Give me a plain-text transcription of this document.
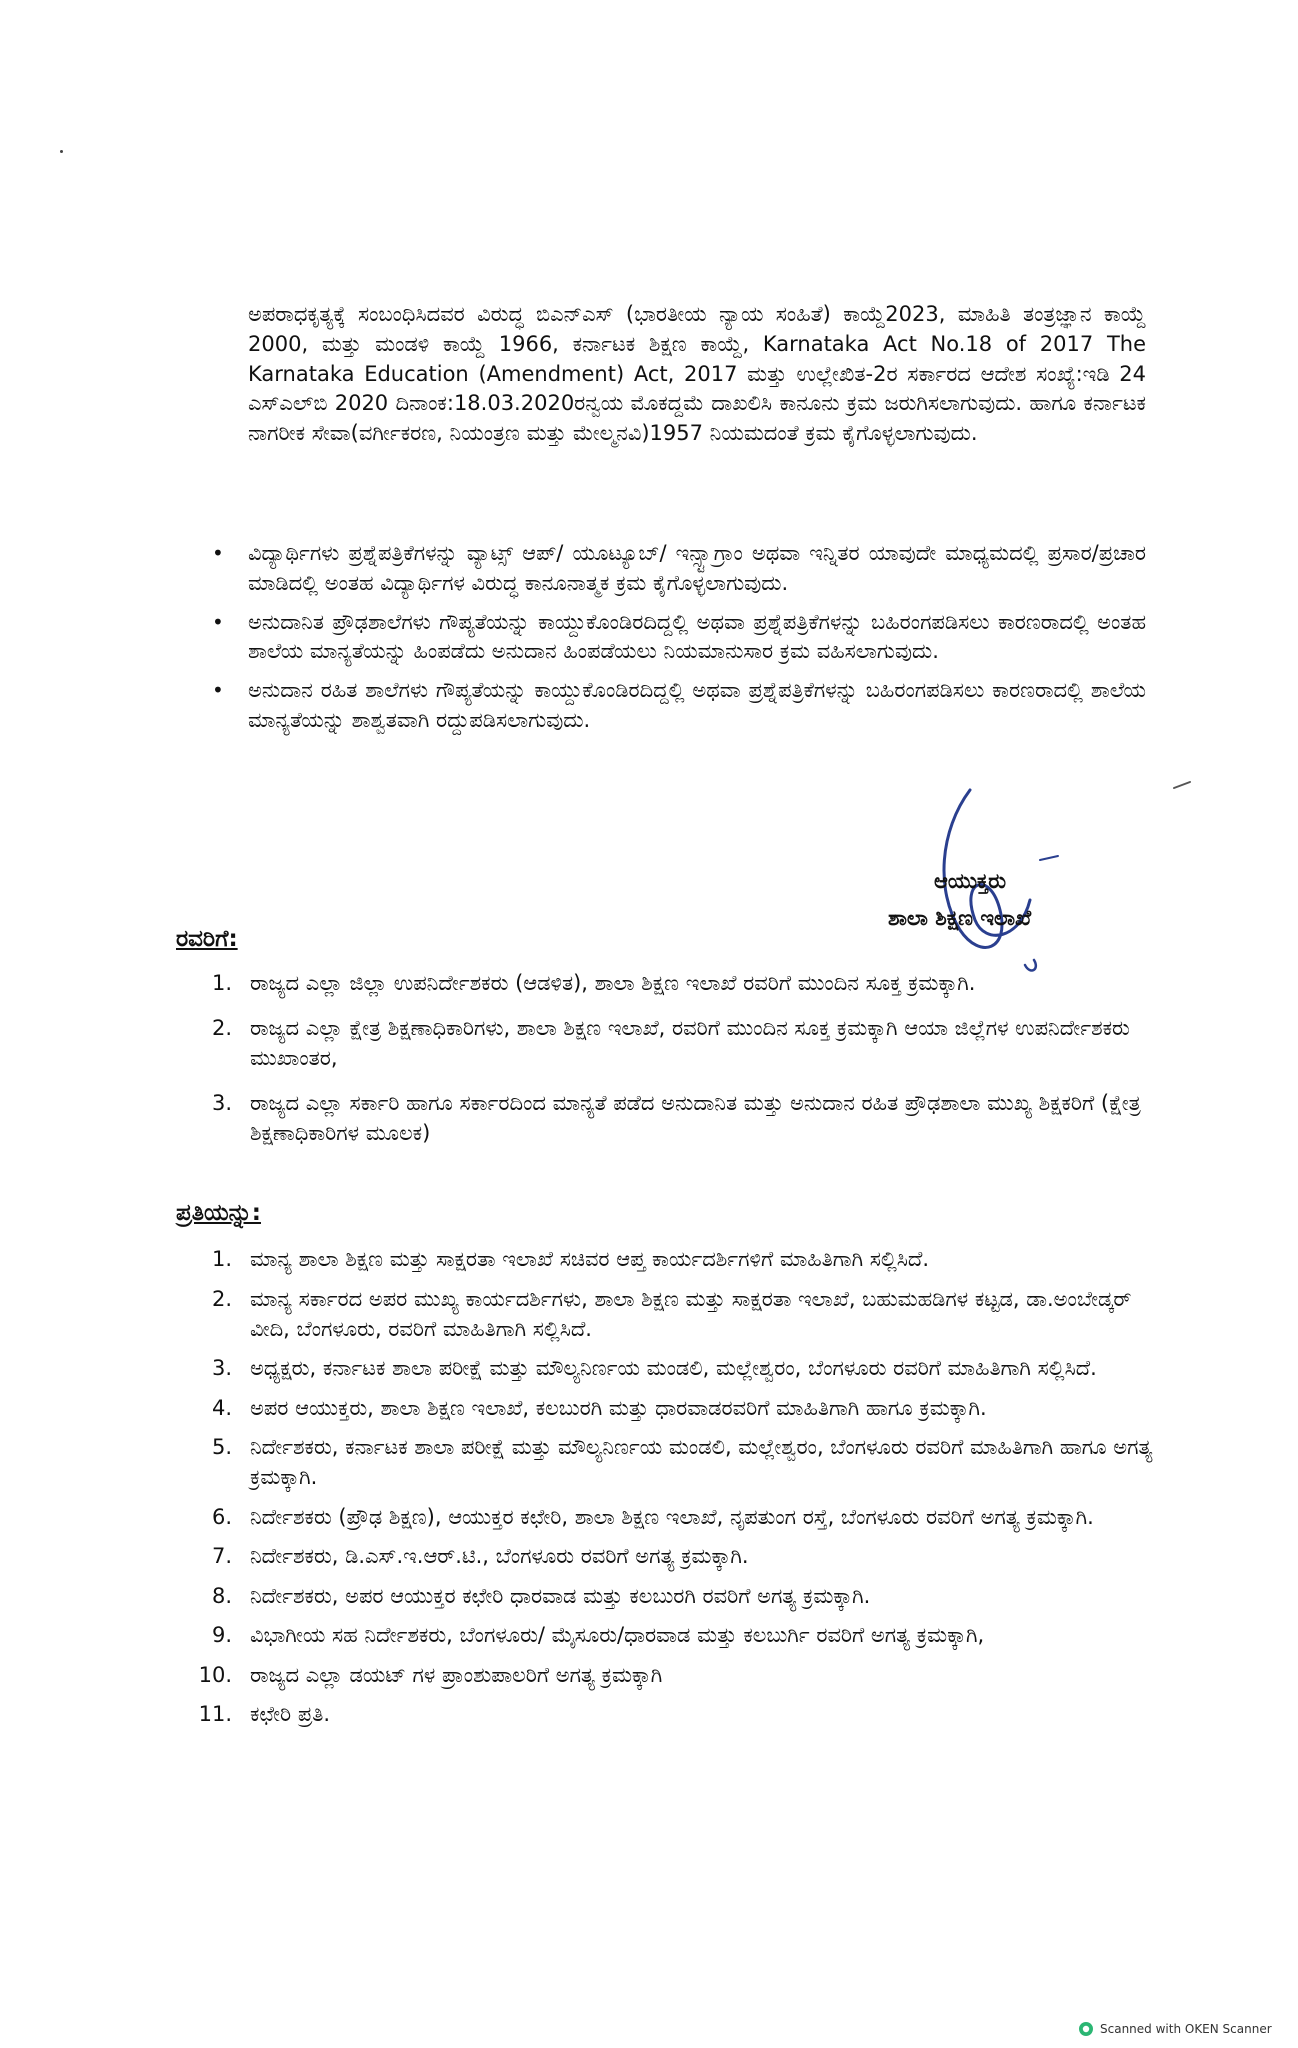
ಅಪರಾಧಕೃತ್ಯಕ್ಕೆ ಸಂಬಂಧಿಸಿದವರ ವಿರುದ್ಧ ಬಿಎನ್‌ಎಸ್ (ಭಾರತೀಯ ನ್ಯಾಯ ಸಂಹಿತೆ) ಕಾಯ್ದೆ2023, ಮಾಹಿತಿ ತಂತ್ರಜ್ಞಾನ ಕಾಯ್ದೆ 2000, ಮತ್ತು ಮಂಡಳಿ ಕಾಯ್ದೆ 1966, ಕರ್ನಾಟಕ ಶಿಕ್ಷಣ ಕಾಯ್ದೆ, Karnataka Act No.18 of 2017 The Karnataka Education (Amendment) Act, 2017 ಮತ್ತು ಉಲ್ಲೇಖಿತ-2ರ ಸರ್ಕಾರದ ಆದೇಶ ಸಂಖ್ಯೆ:ಇಡಿ 24 ಎಸ್‌ಎಲ್‌ಬಿ 2020 ದಿನಾಂಕ:18.03.2020ರನ್ವಯ ಮೊಕದ್ದಮೆ ದಾಖಲಿಸಿ ಕಾನೂನು ಕ್ರಮ ಜರುಗಿಸಲಾಗುವುದು. ಹಾಗೂ ಕರ್ನಾಟಕ ನಾಗರೀಕ ಸೇವಾ(ವರ್ಗೀಕರಣ, ನಿಯಂತ್ರಣ ಮತ್ತು ಮೇಲ್ಮನವಿ)1957 ನಿಯಮದಂತೆ ಕ್ರಮ ಕೈಗೊಳ್ಳಲಾಗುವುದು.

• ವಿದ್ಯಾರ್ಥಿಗಳು ಪ್ರಶ್ನೆಪತ್ರಿಕೆಗಳನ್ನು ವ್ಯಾಟ್ಸ್ ಆಪ್/ ಯೂಟ್ಯೂಬ್/ ಇನ್ಸ್ಟಾಗ್ರಾಂ ಅಥವಾ ಇನ್ನಿತರ ಯಾವುದೇ ಮಾಧ್ಯಮದಲ್ಲಿ ಪ್ರಸಾರ/ಪ್ರಚಾರ ಮಾಡಿದಲ್ಲಿ ಅಂತಹ ವಿದ್ಯಾರ್ಥಿಗಳ ವಿರುದ್ಧ ಕಾನೂನಾತ್ಮಕ ಕ್ರಮ ಕೈಗೊಳ್ಳಲಾಗುವುದು.
• ಅನುದಾನಿತ ಪ್ರೌಢಶಾಲೆಗಳು ಗೌಪ್ಯತೆಯನ್ನು ಕಾಯ್ದುಕೊಂಡಿರದಿದ್ದಲ್ಲಿ ಅಥವಾ ಪ್ರಶ್ನೆಪತ್ರಿಕೆಗಳನ್ನು ಬಹಿರಂಗಪಡಿಸಲು ಕಾರಣರಾದಲ್ಲಿ ಅಂತಹ ಶಾಲೆಯ ಮಾನ್ಯತೆಯನ್ನು ಹಿಂಪಡೆದು ಅನುದಾನ ಹಿಂಪಡೆಯಲು ನಿಯಮಾನುಸಾರ ಕ್ರಮ ವಹಿಸಲಾಗುವುದು.
• ಅನುದಾನ ರಹಿತ ಶಾಲೆಗಳು ಗೌಪ್ಯತೆಯನ್ನು ಕಾಯ್ದುಕೊಂಡಿರದಿದ್ದಲ್ಲಿ ಅಥವಾ ಪ್ರಶ್ನೆಪತ್ರಿಕೆಗಳನ್ನು ಬಹಿರಂಗಪಡಿಸಲು ಕಾರಣರಾದಲ್ಲಿ ಶಾಲೆಯ ಮಾನ್ಯತೆಯನ್ನು ಶಾಶ್ವತವಾಗಿ ರದ್ದುಪಡಿಸಲಾಗುವುದು.

ಆಯುಕ್ತರು

ಶಾಲಾ ಶಿಕ್ಷಣ ಇಲಾಖೆ

ರವರಿಗೆ:

1. ರಾಜ್ಯದ ಎಲ್ಲಾ ಜಿಲ್ಲಾ ಉಪನಿರ್ದೇಶಕರು (ಆಡಳಿತ), ಶಾಲಾ ಶಿಕ್ಷಣ ಇಲಾಖೆ ರವರಿಗೆ ಮುಂದಿನ ಸೂಕ್ತ ಕ್ರಮಕ್ಕಾಗಿ.
2. ರಾಜ್ಯದ ಎಲ್ಲಾ ಕ್ಷೇತ್ರ ಶಿಕ್ಷಣಾಧಿಕಾರಿಗಳು, ಶಾಲಾ ಶಿಕ್ಷಣ ಇಲಾಖೆ, ರವರಿಗೆ ಮುಂದಿನ ಸೂಕ್ತ ಕ್ರಮಕ್ಕಾಗಿ ಆಯಾ ಜಿಲ್ಲೆಗಳ ಉಪನಿರ್ದೇಶಕರು ಮುಖಾಂತರ,
3. ರಾಜ್ಯದ ಎಲ್ಲಾ ಸರ್ಕಾರಿ ಹಾಗೂ ಸರ್ಕಾರದಿಂದ ಮಾನ್ಯತೆ ಪಡೆದ ಅನುದಾನಿತ ಮತ್ತು ಅನುದಾನ ರಹಿತ ಪ್ರೌಢಶಾಲಾ ಮುಖ್ಯ ಶಿಕ್ಷಕರಿಗೆ (ಕ್ಷೇತ್ರ ಶಿಕ್ಷಣಾಧಿಕಾರಿಗಳ ಮೂಲಕ)

ಪ್ರತಿಯನ್ನು:

1. ಮಾನ್ಯ ಶಾಲಾ ಶಿಕ್ಷಣ ಮತ್ತು ಸಾಕ್ಷರತಾ ಇಲಾಖೆ ಸಚಿವರ ಆಪ್ತ ಕಾರ್ಯದರ್ಶಿಗಳಿಗೆ ಮಾಹಿತಿಗಾಗಿ ಸಲ್ಲಿಸಿದೆ.
2. ಮಾನ್ಯ ಸರ್ಕಾರದ ಅಪರ ಮುಖ್ಯ ಕಾರ್ಯದರ್ಶಿಗಳು, ಶಾಲಾ ಶಿಕ್ಷಣ ಮತ್ತು ಸಾಕ್ಷರತಾ ಇಲಾಖೆ, ಬಹುಮಹಡಿಗಳ ಕಟ್ಟಡ, ಡಾ.ಅಂಬೇಡ್ಕರ್ ವೀದಿ, ಬೆಂಗಳೂರು, ರವರಿಗೆ ಮಾಹಿತಿಗಾಗಿ ಸಲ್ಲಿಸಿದೆ.
3. ಅಧ್ಯಕ್ಷರು, ಕರ್ನಾಟಕ ಶಾಲಾ ಪರೀಕ್ಷೆ ಮತ್ತು ಮೌಲ್ಯನಿರ್ಣಯ ಮಂಡಲಿ, ಮಲ್ಲೇಶ್ವರಂ, ಬೆಂಗಳೂರು ರವರಿಗೆ ಮಾಹಿತಿಗಾಗಿ ಸಲ್ಲಿಸಿದೆ.
4. ಅಪರ ಆಯುಕ್ತರು, ಶಾಲಾ ಶಿಕ್ಷಣ ಇಲಾಖೆ, ಕಲಬುರಗಿ ಮತ್ತು ಧಾರವಾಡರವರಿಗೆ ಮಾಹಿತಿಗಾಗಿ ಹಾಗೂ ಕ್ರಮಕ್ಕಾಗಿ.
5. ನಿರ್ದೇಶಕರು, ಕರ್ನಾಟಕ ಶಾಲಾ ಪರೀಕ್ಷೆ ಮತ್ತು ಮೌಲ್ಯನಿರ್ಣಯ ಮಂಡಲಿ, ಮಲ್ಲೇಶ್ವರಂ, ಬೆಂಗಳೂರು ರವರಿಗೆ ಮಾಹಿತಿಗಾಗಿ ಹಾಗೂ ಅಗತ್ಯ ಕ್ರಮಕ್ಕಾಗಿ.
6. ನಿರ್ದೇಶಕರು (ಪ್ರೌಢ ಶಿಕ್ಷಣ), ಆಯುಕ್ತರ ಕಛೇರಿ, ಶಾಲಾ ಶಿಕ್ಷಣ ಇಲಾಖೆ, ನೃಪತುಂಗ ರಸ್ತೆ, ಬೆಂಗಳೂರು ರವರಿಗೆ ಅಗತ್ಯ ಕ್ರಮಕ್ಕಾಗಿ.
7. ನಿರ್ದೇಶಕರು, ಡಿ.ಎಸ್.ಇ.ಆರ್.ಟಿ., ಬೆಂಗಳೂರು ರವರಿಗೆ ಅಗತ್ಯ ಕ್ರಮಕ್ಕಾಗಿ.
8. ನಿರ್ದೇಶಕರು, ಅಪರ ಆಯುಕ್ತರ ಕಛೇರಿ ಧಾರವಾಡ ಮತ್ತು ಕಲಬುರಗಿ ರವರಿಗೆ ಅಗತ್ಯ ಕ್ರಮಕ್ಕಾಗಿ.
9. ವಿಭಾಗೀಯ ಸಹ ನಿರ್ದೇಶಕರು, ಬೆಂಗಳೂರು/ ಮೈಸೂರು/ಧಾರವಾಡ ಮತ್ತು ಕಲಬುರ್ಗಿ ರವರಿಗೆ ಅಗತ್ಯ ಕ್ರಮಕ್ಕಾಗಿ,
10. ರಾಜ್ಯದ ಎಲ್ಲಾ ಡಯಟ್ ಗಳ ಪ್ರಾಂಶುಪಾಲರಿಗೆ ಅಗತ್ಯ ಕ್ರಮಕ್ಕಾಗಿ
11. ಕಛೇರಿ ಪ್ರತಿ.
Scanned with OKEN Scanner
